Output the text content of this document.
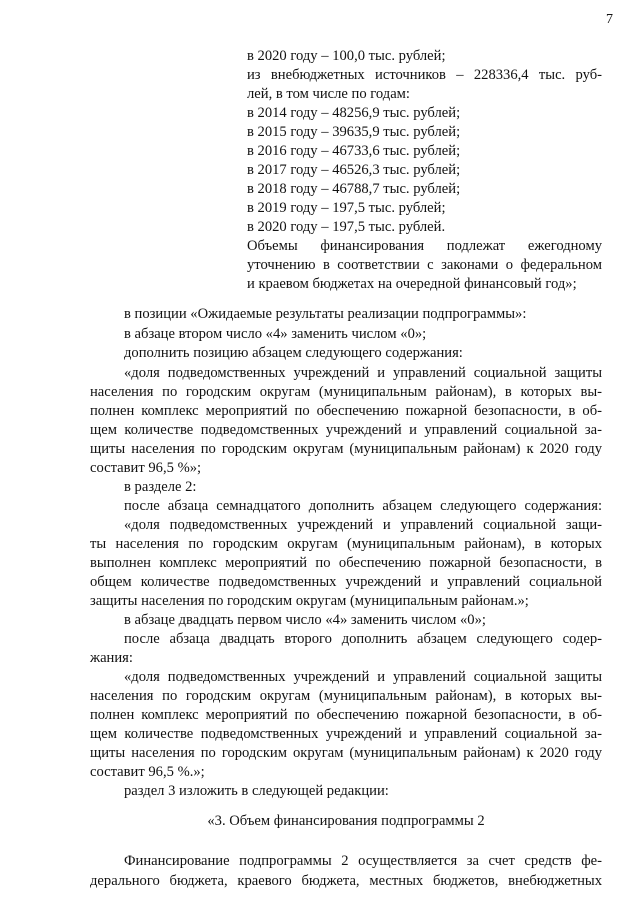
7
в 2020 году – 100,0 тыс. рублей;
из внебюджетных источников – 228336,4 тыс. руб-
лей, в том числе по годам:
в 2014 году – 48256,9 тыс. рублей;
в 2015 году – 39635,9 тыс. рублей;
в 2016 году – 46733,6 тыс. рублей;
в 2017 году – 46526,3 тыс. рублей;
в 2018 году – 46788,7 тыс. рублей;
в 2019 году – 197,5 тыс. рублей;
в 2020 году – 197,5 тыс. рублей.
Объемы финансирования подлежат ежегодному
уточнению в соответствии с законами о федеральном
и краевом бюджетах на очередной финансовый год»;
в позиции «Ожидаемые результаты реализации подпрограммы»:
в абзаце втором число «4» заменить числом «0»;
дополнить позицию абзацем следующего содержания:
«доля подведомственных учреждений и управлений социальной защиты
населения по городским округам (муниципальным районам), в которых вы-
полнен комплекс мероприятий по обеспечению пожарной безопасности, в об-
щем количестве подведомственных учреждений и управлений социальной за-
щиты населения по городским округам (муниципальным районам) к 2020 году
составит 96,5 %»;
в разделе 2:
после абзаца семнадцатого дополнить абзацем следующего содержания:
«доля подведомственных учреждений и управлений социальной защи-
ты населения по городским округам (муниципальным районам), в которых
выполнен комплекс мероприятий по обеспечению пожарной безопасности, в
общем количестве подведомственных учреждений и управлений социальной
защиты населения по городским округам (муниципальным районам.»;
в абзаце двадцать первом число «4» заменить числом «0»;
после абзаца двадцать второго дополнить абзацем следующего содер-
жания:
«доля подведомственных учреждений и управлений социальной защиты
населения по городским округам (муниципальным районам), в которых вы-
полнен комплекс мероприятий по обеспечению пожарной безопасности, в об-
щем количестве подведомственных учреждений и управлений социальной за-
щиты населения по городским округам (муниципальным районам) к 2020 году
составит 96,5 %.»;
раздел 3 изложить в следующей редакции:
«3. Объем финансирования подпрограммы 2
Финансирование подпрограммы 2 осуществляется за счет средств фе-
дерального бюджета, краевого бюджета, местных бюджетов, внебюджетных
